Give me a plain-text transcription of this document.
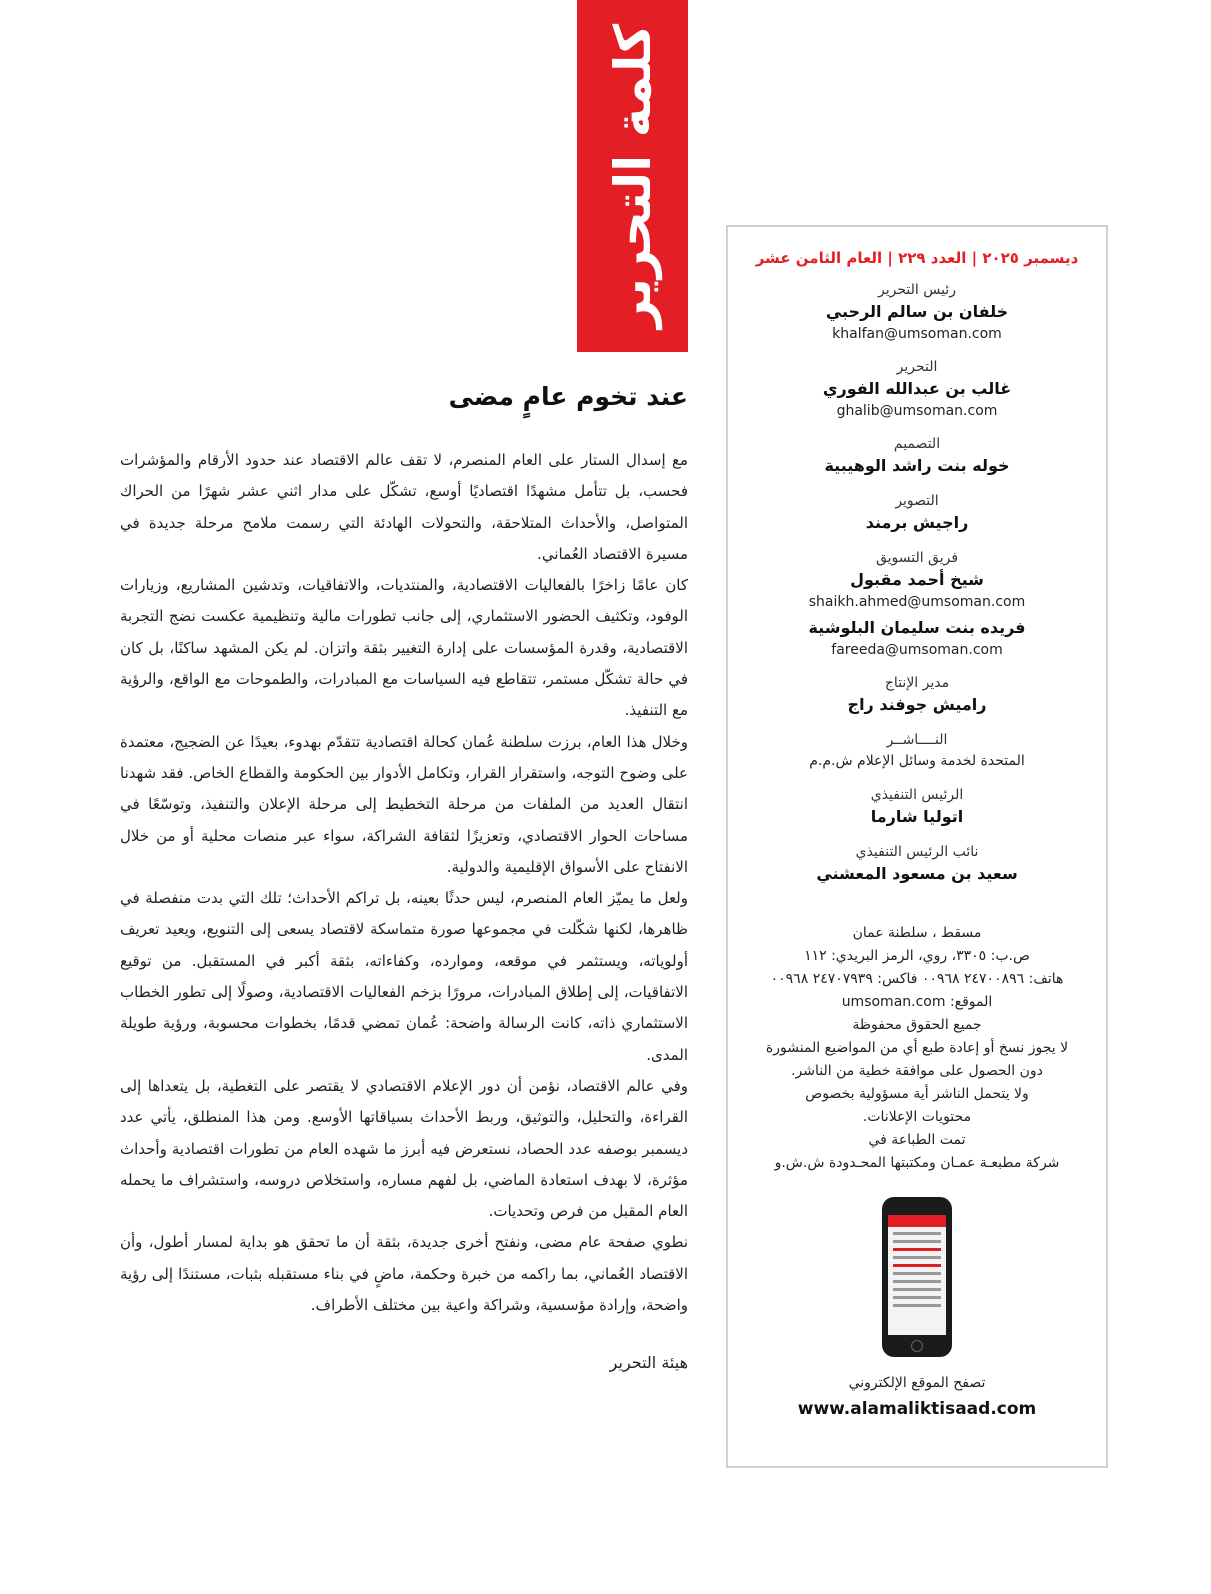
كلمة التحرير
عند تخوم عامٍ مضى

مع إسدال الستار على العام المنصرم، لا تقف عالم الاقتصاد عند حدود الأرقام والمؤشرات فحسب، بل تتأمل مشهدًا اقتصاديًا أوسع، تشكّل على مدار اثني عشر شهرًا من الحراك المتواصل، والأحداث المتلاحقة، والتحولات الهادئة التي رسمت ملامح مرحلة جديدة في مسيرة الاقتصاد العُماني.

كان عامًا زاخرًا بالفعاليات الاقتصادية، والمنتديات، والاتفاقيات، وتدشين المشاريع، وزيارات الوفود، وتكثيف الحضور الاستثماري، إلى جانب تطورات مالية وتنظيمية عكست نضج التجربة الاقتصادية، وقدرة المؤسسات على إدارة التغيير بثقة واتزان. لم يكن المشهد ساكنًا، بل كان في حالة تشكّل مستمر، تتقاطع فيه السياسات مع المبادرات، والطموحات مع الواقع، والرؤية مع التنفيذ.

وخلال هذا العام، برزت سلطنة عُمان كحالة اقتصادية تتقدّم بهدوء، بعيدًا عن الضجيج، معتمدة على وضوح التوجه، واستقرار القرار، وتكامل الأدوار بين الحكومة والقطاع الخاص. فقد شهدنا انتقال العديد من الملفات من مرحلة التخطيط إلى مرحلة الإعلان والتنفيذ، وتوسّعًا في مساحات الحوار الاقتصادي، وتعزيزًا لثقافة الشراكة، سواء عبر منصات محلية أو من خلال الانفتاح على الأسواق الإقليمية والدولية.

ولعل ما يميّز العام المنصرم، ليس حدثًا بعينه، بل تراكم الأحداث؛ تلك التي بدت منفصلة في ظاهرها، لكنها شكّلت في مجموعها صورة متماسكة لاقتصاد يسعى إلى التنويع، ويعيد تعريف أولوياته، ويستثمر في موقعه، وموارده، وكفاءاته، بثقة أكبر في المستقبل. من توقيع الاتفاقيات، إلى إطلاق المبادرات، مرورًا بزخم الفعاليات الاقتصادية، وصولًا إلى تطور الخطاب الاستثماري ذاته، كانت الرسالة واضحة: عُمان تمضي قدمًا، بخطوات محسوبة، ورؤية طويلة المدى.

وفي عالم الاقتصاد، نؤمن أن دور الإعلام الاقتصادي لا يقتصر على التغطية، بل يتعداها إلى القراءة، والتحليل، والتوثيق، وربط الأحداث بسياقاتها الأوسع. ومن هذا المنطلق، يأتي عدد ديسمبر بوصفه عدد الحصاد، نستعرض فيه أبرز ما شهده العام من تطورات اقتصادية وأحداث مؤثرة، لا بهدف استعادة الماضي، بل لفهم مساره، واستخلاص دروسه، واستشراف ما يحمله العام المقبل من فرص وتحديات.

نطوي صفحة عام مضى، ونفتح أخرى جديدة، بثقة أن ما تحقق هو بداية لمسار أطول، وأن الاقتصاد العُماني، بما راكمه من خبرة وحكمة، ماضٍ في بناء مستقبله بثبات، مستندًا إلى رؤية واضحة، وإرادة مؤسسية، وشراكة واعية بين مختلف الأطراف.

هيئة التحرير
ديسمبر ٢٠٢٥ | العدد ٢٢٩ | العام الثامن عشر
رئيس التحرير
خلفان بن سالم الرحبي
khalfan@umsoman.com
التحرير
غالب بن عبدالله الفوري
ghalib@umsoman.com
التصميم
خوله بنت راشد الوهيبية
التصوير
راجيش برمند
فريق التسويق
شيخ أحمد مقبول
shaikh.ahmed@umsoman.com
فريده بنت سليمان البلوشية
fareeda@umsoman.com
مدير الإنتاج
راميش جوفند راج
النــــاشــر
المتحدة لخدمة وسائل الإعلام ش.م.م
الرئيس التنفيذي
اتوليا شارما
نائب الرئيس التنفيذي
سعيد بن مسعود المعشني
مسقط ، سلطنة عمان
ص.ب: ٣٣٠٥، روي، الرمز البريدي: ١١٢
هاتف: ٢٤٧٠٠٨٩٦ ٠٠٩٦٨ فاكس: ٢٤٧٠٧٩٣٩ ٠٠٩٦٨
الموقع: umsoman.com
جميع الحقوق محفوظة
لا يجوز نسخ أو إعادة طبع أي من المواضيع المنشورة
دون الحصول على موافقة خطية من الناشر.
ولا يتحمل الناشر أية مسؤولية بخصوص
محتويات الإعلانات.
تمت الطباعة في
شركة مطبعـة عمـان ومكتبتها المحـدودة ش.ش.و
تصفح الموقع الإلكتروني
www.alamaliktisaad.com
